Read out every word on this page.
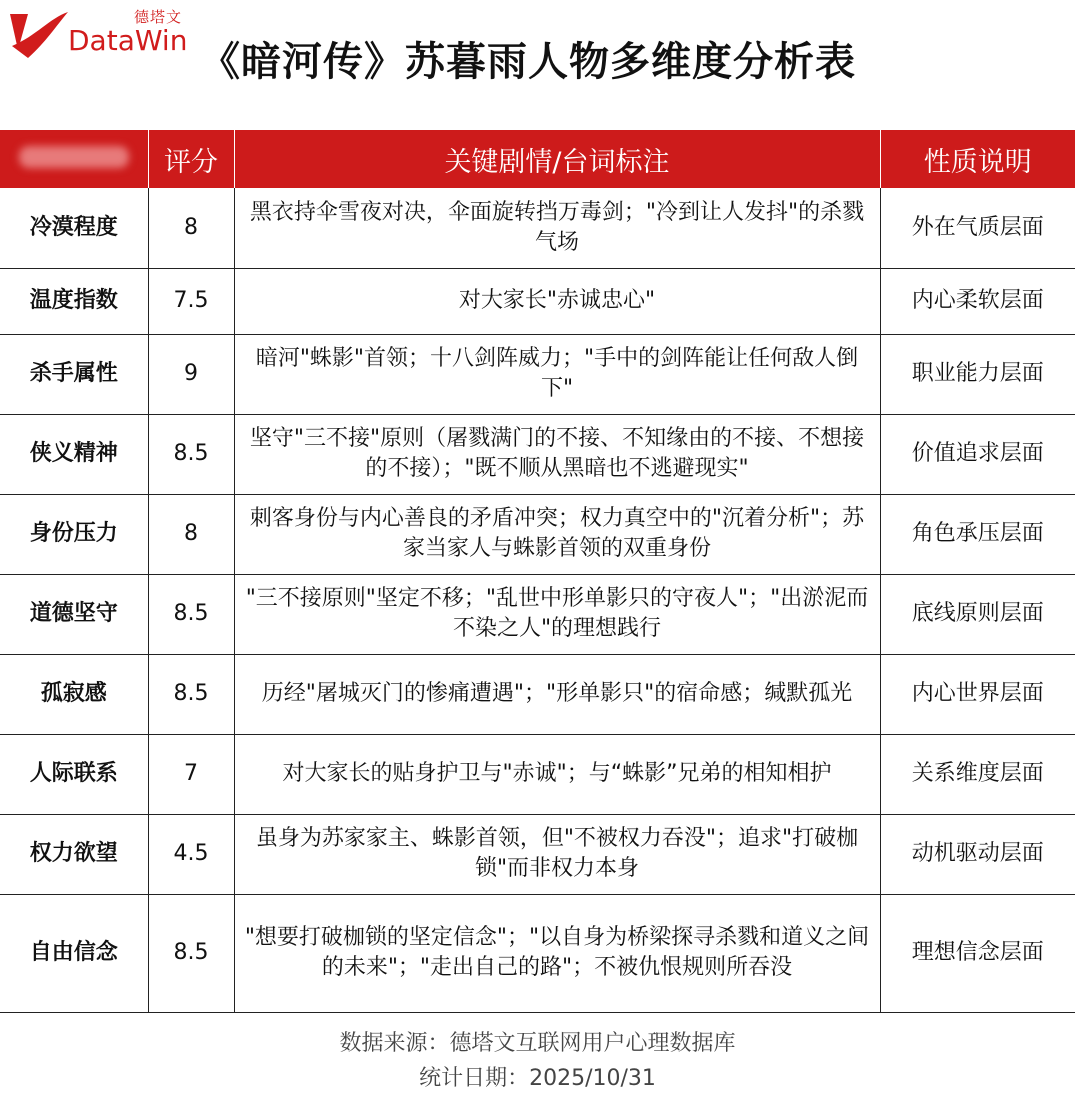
德塔文
DataWin 《暗河传》苏暮雨人物多维度分析表
	评分	关键剧情/台词标注	性质说明
冷漠程度	8	黑衣持伞雪夜对决，伞面旋转挡万毒剑；"冷到让人发抖"的杀戮气场	外在气质层面
温度指数	7.5	对大家长"赤诚忠心"	内心柔软层面
杀手属性	9	暗河"蛛影"首领；十八剑阵威力；"手中的剑阵能让任何敌人倒下"	职业能力层面
侠义精神	8.5	坚守"三不接"原则（屠戮满门的不接、不知缘由的不接、不想接的不接）；"既不顺从黑暗也不逃避现实"	价值追求层面
身份压力	8	刺客身份与内心善良的矛盾冲突；权力真空中的"沉着分析"；苏家当家人与蛛影首领的双重身份	角色承压层面
道德坚守	8.5	"三不接原则"坚定不移；"乱世中形单影只的守夜人"；"出淤泥而不染之人"的理想践行	底线原则层面
孤寂感	8.5	历经"屠城灭门的惨痛遭遇"；"形单影只"的宿命感；缄默孤光	内心世界层面
人际联系	7	对大家长的贴身护卫与"赤诚"；与“蛛影”兄弟的相知相护	关系维度层面
权力欲望	4.5	虽身为苏家家主、蛛影首领，但"不被权力吞没"；追求"打破枷锁"而非权力本身	动机驱动层面
自由信念	8.5	"想要打破枷锁的坚定信念"；"以自身为桥梁探寻杀戮和道义之间的未来"；"走出自己的路"；不被仇恨规则所吞没	理想信念层面
数据来源：德塔文互联网用户心理数据库
统计日期：2025/10/31
